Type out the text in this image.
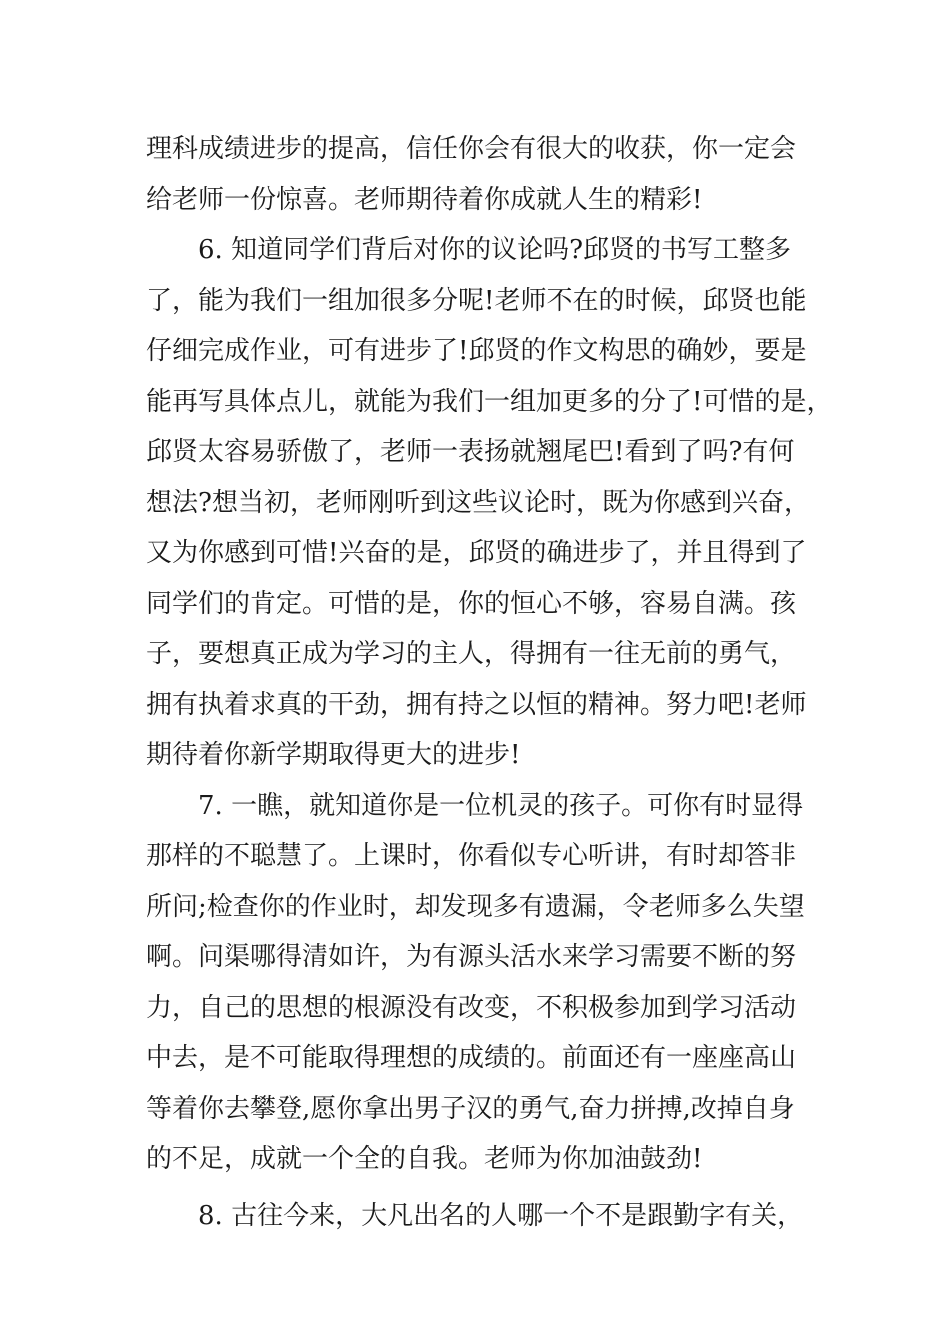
理科成绩进步的提高，信任你会有很大的收获，你一定会
给老师一份惊喜。老师期待着你成就人生的精彩!
6. 知道同学们背后对你的议论吗?邱贤的书写工整多
了，能为我们一组加很多分呢!老师不在的时候，邱贤也能
仔细完成作业，可有进步了!邱贤的作文构思的确妙，要是
能再写具体点儿，就能为我们一组加更多的分了!可惜的是，
邱贤太容易骄傲了，老师一表扬就翘尾巴!看到了吗?有何
想法?想当初，老师刚听到这些议论时，既为你感到兴奋，
又为你感到可惜!兴奋的是，邱贤的确进步了，并且得到了
同学们的肯定。可惜的是，你的恒心不够，容易自满。孩
子，要想真正成为学习的主人，得拥有一往无前的勇气，
拥有执着求真的干劲，拥有持之以恒的精神。努力吧!老师
期待着你新学期取得更大的进步!
7. 一瞧，就知道你是一位机灵的孩子。可你有时显得
那样的不聪慧了。上课时，你看似专心听讲，有时却答非
所问;检查你的作业时，却发现多有遗漏，令老师多么失望
啊。问渠哪得清如许，为有源头活水来学习需要不断的努
力，自己的思想的根源没有改变，不积极参加到学习活动
中去，是不可能取得理想的成绩的。前面还有一座座高山
等着你去攀登,愿你拿出男子汉的勇气,奋力拼搏,改掉自身
的不足，成就一个全的自我。老师为你加油鼓劲!
8. 古往今来，大凡出名的人哪一个不是跟勤字有关，
